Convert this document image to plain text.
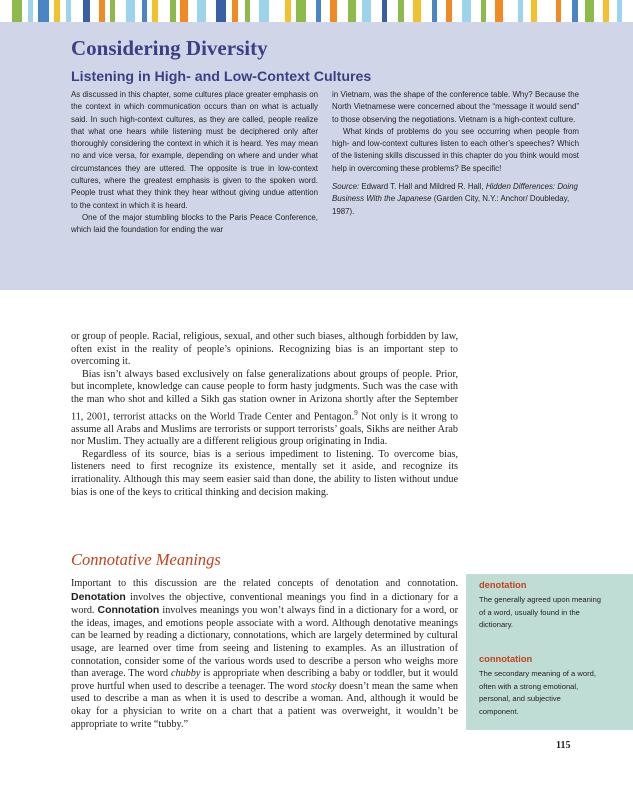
Considering Diversity
Listening in High- and Low-Context Cultures

As discussed in this chapter, some cultures place greater emphasis on the context in which communication occurs than on what is actually said. In such high-context cultures, as they are called, people realize that what one hears while listening must be deciphered only after thoroughly considering the context in which it is heard. Yes may mean no and vice versa, for example, depending on where and under what circumstances they are uttered. The opposite is true in low-context cultures, where the greatest emphasis is given to the spoken word. People trust what they think they hear without giving undue attention to the context in which it is heard.

One of the major stumbling blocks to the Paris Peace Conference, which laid the foundation for ending the war

in Vietnam, was the shape of the conference table. Why? Because the North Vietnamese were concerned about the “message it would send” to those observing the negotiations. Vietnam is a high-context culture.

What kinds of problems do you see occurring when people from high- and low-context cultures listen to each other’s speeches? Which of the listening skills discussed in this chapter do you think would most help in overcoming these problems? Be specific!

Source: Edward T. Hall and Mildred R. Hall, Hidden Differences: Doing Business With the Japanese (Garden City, N.Y.: Anchor/ Doubleday, 1987).

or group of people. Racial, religious, sexual, and other such biases, although forbidden by law, often exist in the reality of people’s opinions. Recognizing bias is an important step to overcoming it.

Bias isn’t always based exclusively on false generalizations about groups of people. Prior, but incomplete, knowledge can cause people to form hasty judgments. Such was the case with the man who shot and killed a Sikh gas station owner in Arizona shortly after the September 11, 2001, terrorist attacks on the World Trade Center and Pentagon.$^9$ Not only is it wrong to assume all Arabs and Muslims are terrorists or support terrorists’ goals, Sikhs are neither Arab nor Muslim. They actually are a different religious group originating in India.

Regardless of its source, bias is a serious impediment to listening. To overcome bias, listeners need to first recognize its existence, mentally set it aside, and recognize its irrationality. Although this may seem easier said than done, the ability to listen without undue bias is one of the keys to critical thinking and decision making.

Connotative Meanings

Important to this discussion are the related concepts of denotation and connotation. Denotation involves the objective, conventional meanings you find in a dictionary for a word. Connotation involves meanings you won’t always find in a dictionary for a word, or the ideas, images, and emotions people associate with a word. Although denotative meanings can be learned by reading a dictionary, connotations, which are largely determined by cultural usage, are learned over time from seeing and listening to examples. As an illustration of connotation, consider some of the various words used to describe a person who weighs more than average. The word chubby is appropriate when describing a baby or toddler, but it would prove hurtful when used to describe a teenager. The word stocky doesn’t mean the same when used to describe a man as when it is used to describe a woman. And, although it would be okay for a physician to write on a chart that a patient was overweight, it wouldn’t be appropriate to write “tubby.”

denotation

The generally agreed upon meaning of a word, usually found in the dictionary.

connotation

The secondary meaning of a word, often with a strong emotional, personal, and subjective component.

115
